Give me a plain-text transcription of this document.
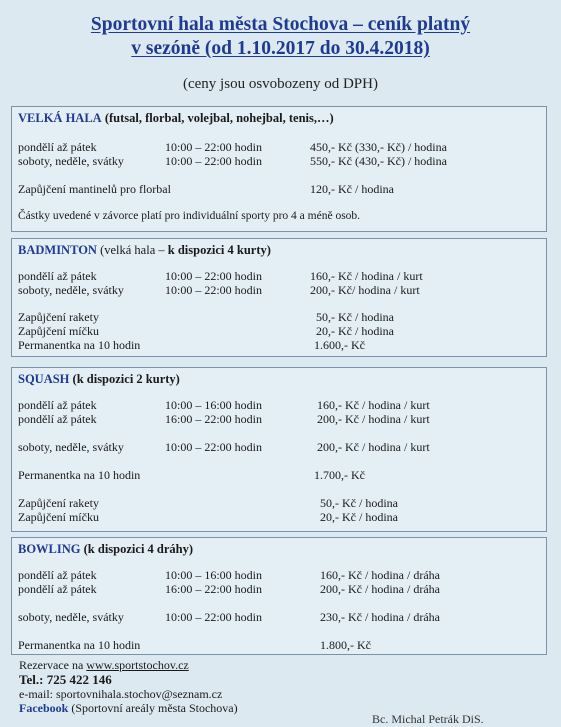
Sportovní hala města Stochova – ceník platný
v sezóně (od 1.10.2017 do 30.4.2018)
(ceny jsou osvobozeny od DPH)
VELKÁ HALA (futsal, florbal, volejbal, nohejbal, tenis,…)
pondělí až pátek	10:00 – 22:00 hodin	450,- Kč (330,- Kč) / hodina
soboty, neděle, svátky	10:00 – 22:00 hodin	550,- Kč (430,- Kč) / hodina
Zapůjčení mantinelů pro florbal	120,- Kč / hodina
Částky uvedené v závorce platí pro individuální sporty pro 4 a méně osob.
BADMINTON (velká hala – k dispozici 4 kurty)
pondělí až pátek	10:00 – 22:00 hodin	160,- Kč / hodina / kurt
soboty, neděle, svátky	10:00 – 22:00 hodin	200,- Kč/ hodina / kurt
Zapůjčení rakety	50,- Kč / hodina
Zapůjčení míčku	20,- Kč / hodina
Permanentka na 10 hodin	1.600,- Kč
SQUASH (k dispozici 2 kurty)
pondělí až pátek	10:00 – 16:00 hodin	160,- Kč / hodina / kurt
pondělí až pátek	16:00 – 22:00 hodin	200,- Kč / hodina / kurt
soboty, neděle, svátky	10:00 – 22:00 hodin	200,- Kč / hodina / kurt
Permanentka na 10 hodin	1.700,- Kč
Zapůjčení rakety	50,- Kč / hodina
Zapůjčení míčku	20,- Kč / hodina
BOWLING (k dispozici 4 dráhy)
pondělí až pátek	10:00 – 16:00 hodin	160,- Kč / hodina / dráha
pondělí až pátek	16:00 – 22:00 hodin	200,- Kč / hodina / dráha
soboty, neděle, svátky	10:00 – 22:00 hodin	230,- Kč / hodina / dráha
Permanentka na 10 hodin	1.800,- Kč
Rezervace na www.sportstochov.cz
Tel.: 725 422 146
e-mail: sportovnihala.stochov@seznam.cz
Facebook (Sportovní areály města Stochova)
Bc. Michal Petrák DiS.
